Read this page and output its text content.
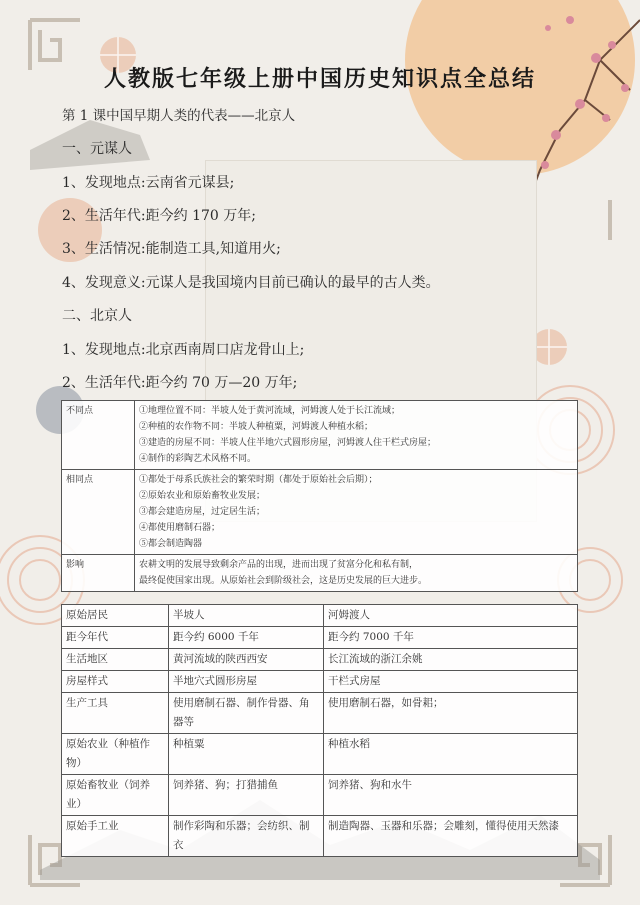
人教版七年级上册中国历史知识点全总结
第 1 课中国早期人类的代表——北京人
一、元谋人
1、发现地点:云南省元谋县;
2、生活年代:距今约 170 万年;
3、生活情况:能制造工具,知道用火;
4、发现意义:元谋人是我国境内目前已确认的最早的古人类。
二、北京人
1、发现地点:北京西南周口店龙骨山上;
2、生活年代:距今约 70 万—20 万年;
不同点	①地理位置不同：半坡人处于黄河流域，河姆渡人处于长江流域；
②种植的农作物不同：半坡人种植粟，河姆渡人种植水稻；
③建造的房屋不同：半坡人住半地穴式圆形房屋，河姆渡人住干栏式房屋；
④制作的彩陶艺术风格不同。

相同点	①都处于母系氏族社会的繁荣时期（都处于原始社会后期）；
②原始农业和原始畜牧业发展；
③都会建造房屋，过定居生活；
④都使用磨制石器；
⑤都会制造陶器

影响	农耕文明的发展导致剩余产品的出现，进而出现了贫富分化和私有制，
最终促使国家出现。从原始社会到阶级社会，这是历史发展的巨大进步。
原始居民	半坡人	河姆渡人
距今年代	距今约 6000 千年	距今约 7000 千年
生活地区	黄河流域的陕西西安	长江流域的浙江余姚
房屋样式	半地穴式圆形房屋	干栏式房屋
生产工具	使用磨制石器、制作骨器、角器等	使用磨制石器，如骨耜；
原始农业（种植作物）	种植粟	种植水稻
原始畜牧业（饲养业）	饲养猪、狗；打猎捕鱼	饲养猪、狗和水牛
原始手工业	制作彩陶和乐器；会纺织、制衣	制造陶器、玉器和乐器；会雕刻，懂得使用天然漆
